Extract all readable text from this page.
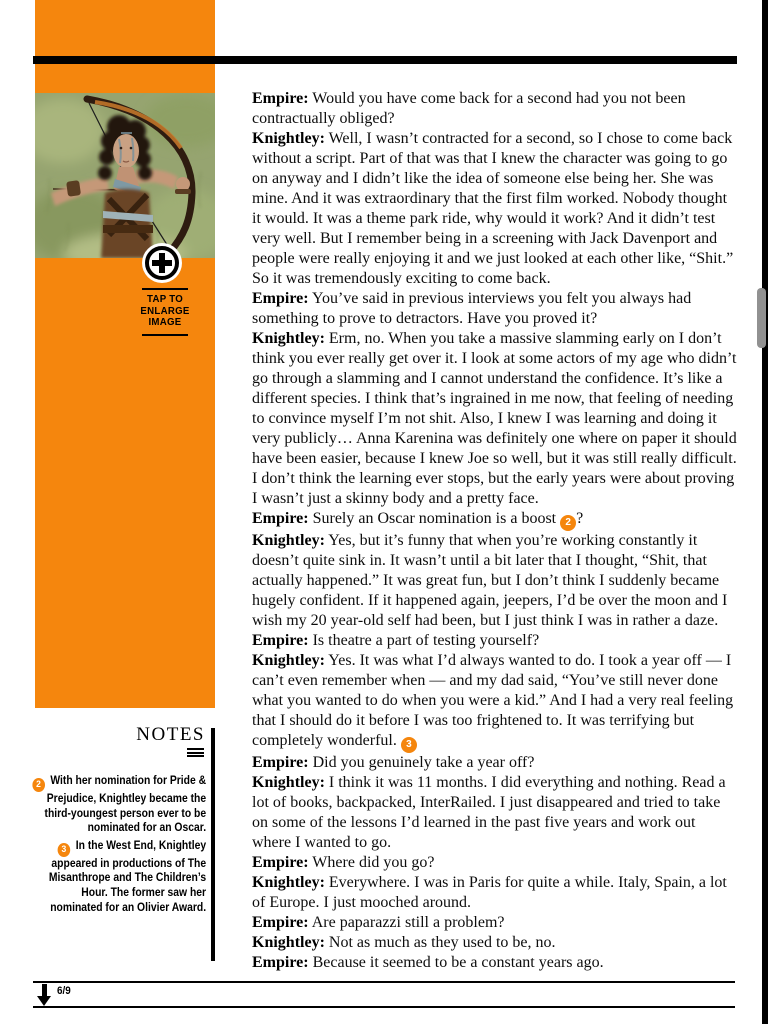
TAP TO
ENLARGE
IMAGE
NOTES

2 With her nomination for Pride & Prejudice, Knightley became the third-youngest person ever to be nominated for an Oscar.

3 In the West End, Knightley appeared in productions of The Misanthrope and The Children’s Hour. The former saw her nominated for an Olivier Award.

Empire: Would you have come back for a second had you not been contractually obliged?

Knightley: Well, I wasn’t contracted for a second, so I chose to come back without a script. Part of that was that I knew the character was going to go on anyway and I didn’t like the idea of someone else being her. She was mine. And it was extraordinary that the first film worked. Nobody thought it would. It was a theme park ride, why would it work? And it didn’t test very well. But I remember being in a screening with Jack Davenport and people were really enjoying it and we just looked at each other like, “Shit.” So it was tremendously exciting to come back.

Empire: You’ve said in previous interviews you felt you always had something to prove to detractors. Have you proved it?

Knightley: Erm, no. When you take a massive slamming early on I don’t think you ever really get over it. I look at some actors of my age who didn’t go through a slamming and I cannot understand the confidence. It’s like a different species. I think that’s ingrained in me now, that feeling of needing to convince myself I’m not shit. Also, I knew I was learning and doing it very publicly… Anna Karenina was definitely one where on paper it should have been easier, because I knew Joe so well, but it was still really difficult. I don’t think the learning ever stops, but the early years were about proving I wasn’t just a skinny body and a pretty face.

Empire: Surely an Oscar nomination is a boost 2 ?

Knightley: Yes, but it’s funny that when you’re working constantly it doesn’t quite sink in. It wasn’t until a bit later that I thought, “Shit, that actually happened.” It was great fun, but I don’t think I suddenly became hugely confident. If it happened again, jeepers, I’d be over the moon and I wish my 20 year-old self had been, but I just think I was in rather a daze.

Empire: Is theatre a part of testing yourself?

Knightley: Yes. It was what I’d always wanted to do. I took a year off — I can’t even remember when — and my dad said, “You’ve still never done what you wanted to do when you were a kid.” And I had a very real feeling that I should do it before I was too frightened to. It was terrifying but completely wonderful. 3

Empire: Did you genuinely take a year off?

Knightley: I think it was 11 months. I did everything and nothing. Read a lot of books, backpacked, InterRailed. I just disappeared and tried to take on some of the lessons I’d learned in the past five years and work out where I wanted to go.

Empire: Where did you go?

Knightley: Everywhere. I was in Paris for quite a while. Italy, Spain, a lot of Europe. I just mooched around.

Empire: Are paparazzi still a problem?

Knightley: Not as much as they used to be, no.

Empire: Because it seemed to be a constant years ago.

6/9
